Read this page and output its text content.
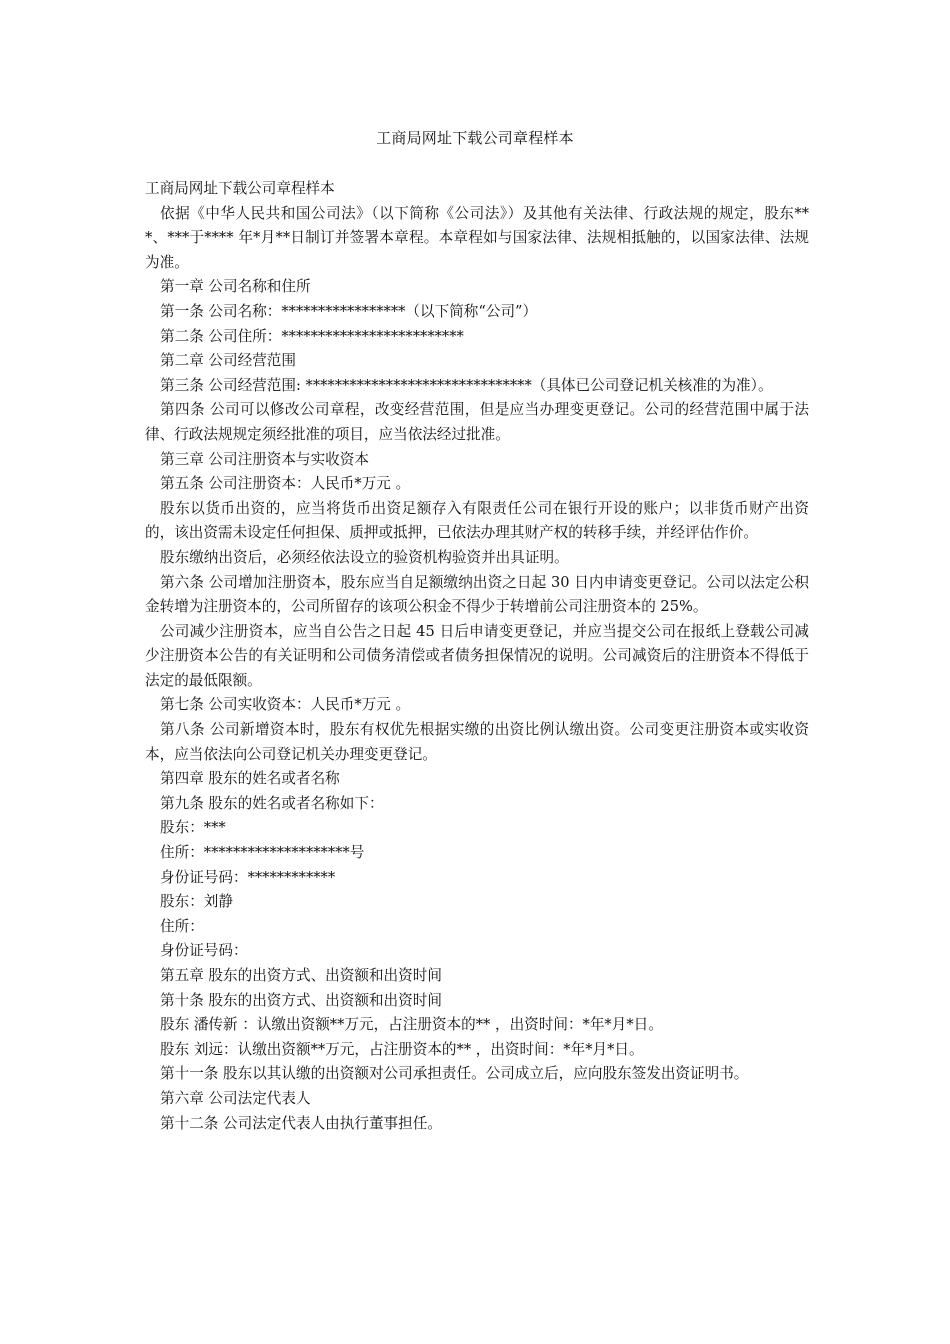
工商局网址下载公司章程样本

工商局网址下载公司章程样本

依据《中华人民共和国公司法》（以下简称《公司法》）及其他有关法律、行政法规的规定，股东***、***于**** 年*月**日制订并签署本章程。本章程如与国家法律、法规相抵触的，以国家法律、法规为准。

第一章 公司名称和住所

第一条 公司名称：*****************（以下简称“公司”）

第二条 公司住所：*************************

第二章 公司经营范围

第三条 公司经营范围: *******************************（具体已公司登记机关核准的为准）。

第四条 公司可以修改公司章程，改变经营范围，但是应当办理变更登记。公司的经营范围中属于法律、行政法规规定须经批准的项目，应当依法经过批准。

第三章 公司注册资本与实收资本

第五条 公司注册资本：人民币*万元 。

股东以货币出资的，应当将货币出资足额存入有限责任公司在银行开设的账户；以非货币财产出资的，该出资需未设定任何担保、质押或抵押，已依法办理其财产权的转移手续，并经评估作价。

股东缴纳出资后，必须经依法设立的验资机构验资并出具证明。

第六条 公司增加注册资本，股东应当自足额缴纳出资之日起 30 日内申请变更登记。公司以法定公积金转增为注册资本的，公司所留存的该项公积金不得少于转增前公司注册资本的 25%。

公司减少注册资本，应当自公告之日起 45 日后申请变更登记，并应当提交公司在报纸上登载公司减少注册资本公告的有关证明和公司债务清偿或者债务担保情况的说明。公司减资后的注册资本不得低于法定的最低限额。

第七条 公司实收资本：人民币*万元 。

第八条 公司新增资本时，股东有权优先根据实缴的出资比例认缴出资。公司变更注册资本或实收资本，应当依法向公司登记机关办理变更登记。

第四章 股东的姓名或者名称

第九条 股东的姓名或者名称如下：

股东：***

住所：********************号

身份证号码：************

股东：刘静

住所：

身份证号码：

第五章 股东的出资方式、出资额和出资时间

第十条 股东的出资方式、出资额和出资时间

股东 潘传新 ：认缴出资额**万元，占注册资本的** ，出资时间：*年*月*日。

股东 刘远：认缴出资额**万元，占注册资本的** ，出资时间：*年*月*日。

第十一条 股东以其认缴的出资额对公司承担责任。公司成立后，应向股东签发出资证明书。

第六章 公司法定代表人

第十二条 公司法定代表人由执行董事担任。
